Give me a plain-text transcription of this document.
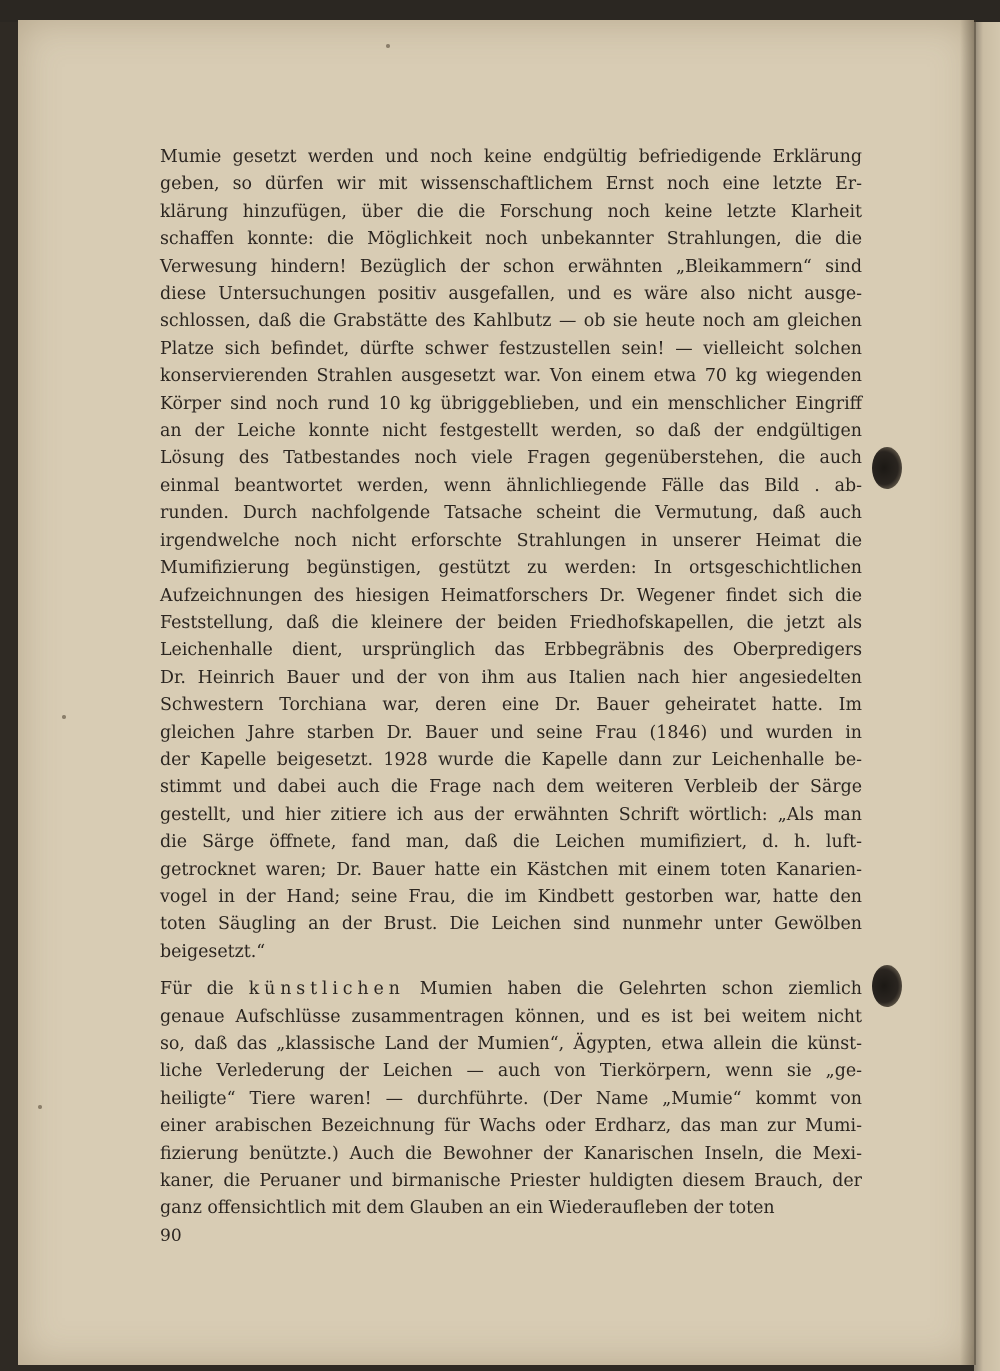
Mumie gesetzt werden und noch keine endgültig befriedigende Erklärung
geben, so dürfen wir mit wissenschaftlichem Ernst noch eine letzte Er-
klärung hinzufügen, über die die Forschung noch keine letzte Klarheit
schaffen konnte: die Möglichkeit noch unbekannter Strahlungen, die die
Verwesung hindern! Bezüglich der schon erwähnten „Bleikammern“ sind
diese Untersuchungen positiv ausgefallen, und es wäre also nicht ausge-
schlossen, daß die Grabstätte des Kahlbutz — ob sie heute noch am gleichen
Platze sich befindet, dürfte schwer festzustellen sein! — vielleicht solchen
konservierenden Strahlen ausgesetzt war. Von einem etwa 70 kg wiegenden
Körper sind noch rund 10 kg übriggeblieben, und ein menschlicher Eingriff
an der Leiche konnte nicht festgestellt werden, so daß der endgültigen
Lösung des Tatbestandes noch viele Fragen gegenüberstehen, die auch
einmal beantwortet werden, wenn ähnlichliegende Fälle das Bild . ab-
runden. Durch nachfolgende Tatsache scheint die Vermutung, daß auch
irgendwelche noch nicht erforschte Strahlungen in unserer Heimat die
Mumifizierung begünstigen, gestützt zu werden: In ortsgeschichtlichen
Aufzeichnungen des hiesigen Heimatforschers Dr. Wegener findet sich die
Feststellung, daß die kleinere der beiden Friedhofskapellen, die jetzt als
Leichenhalle dient, ursprünglich das Erbbegräbnis des Oberpredigers
Dr. Heinrich Bauer und der von ihm aus Italien nach hier angesiedelten
Schwestern Torchiana war, deren eine Dr. Bauer geheiratet hatte. Im
gleichen Jahre starben Dr. Bauer und seine Frau (1846) und wurden in
der Kapelle beigesetzt. 1928 wurde die Kapelle dann zur Leichenhalle be-
stimmt und dabei auch die Frage nach dem weiteren Verbleib der Särge
gestellt, und hier zitiere ich aus der erwähnten Schrift wörtlich: „Als man
die Särge öffnete, fand man, daß die Leichen mumifiziert, d. h. luft-
getrocknet waren; Dr. Bauer hatte ein Kästchen mit einem toten Kanarien-
vogel in der Hand; seine Frau, die im Kindbett gestorben war, hatte den
toten Säugling an der Brust. Die Leichen sind nunmehr unter Gewölben
beigesetzt.“

Für die künstlichen Mumien haben die Gelehrten schon ziemlich
genaue Aufschlüsse zusammentragen können, und es ist bei weitem nicht
so, daß das „klassische Land der Mumien“, Ägypten, etwa allein die künst-
liche Verlederung der Leichen — auch von Tierkörpern, wenn sie „ge-
heiligte“ Tiere waren! — durchführte. (Der Name „Mumie“ kommt von
einer arabischen Bezeichnung für Wachs oder Erdharz, das man zur Mumi-
fizierung benützte.) Auch die Bewohner der Kanarischen Inseln, die Mexi-
kaner, die Peruaner und birmanische Priester huldigten diesem Brauch, der
ganz offensichtlich mit dem Glauben an ein Wiederaufleben der toten

90
